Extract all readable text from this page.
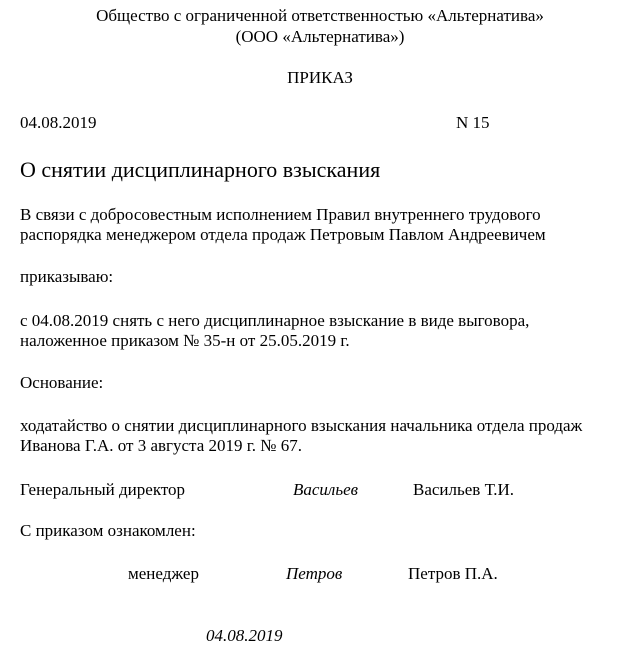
Общество с ограниченной ответственностью «Альтернатива»
(ООО «Альтернатива»)
ПРИКАЗ
04.08.2019	N 15
О снятии дисциплинарного взыскания
В связи с добросовестным исполнением Правил внутреннего трудового
распорядка менеджером отдела продаж Петровым Павлом Андреевичем
приказываю:
с 04.08.2019 снять с него дисциплинарное взыскание в виде выговора,
наложенное приказом № 35-н от 25.05.2019 г.
Основание:
ходатайство о снятии дисциплинарного взыскания начальника отдела продаж
Иванова Г.А. от 3 августа 2019 г. № 67.
Генеральный директор	Васильев	Васильев Т.И.
С приказом ознакомлен:
менеджер	Петров	Петров П.А.
04.08.2019
